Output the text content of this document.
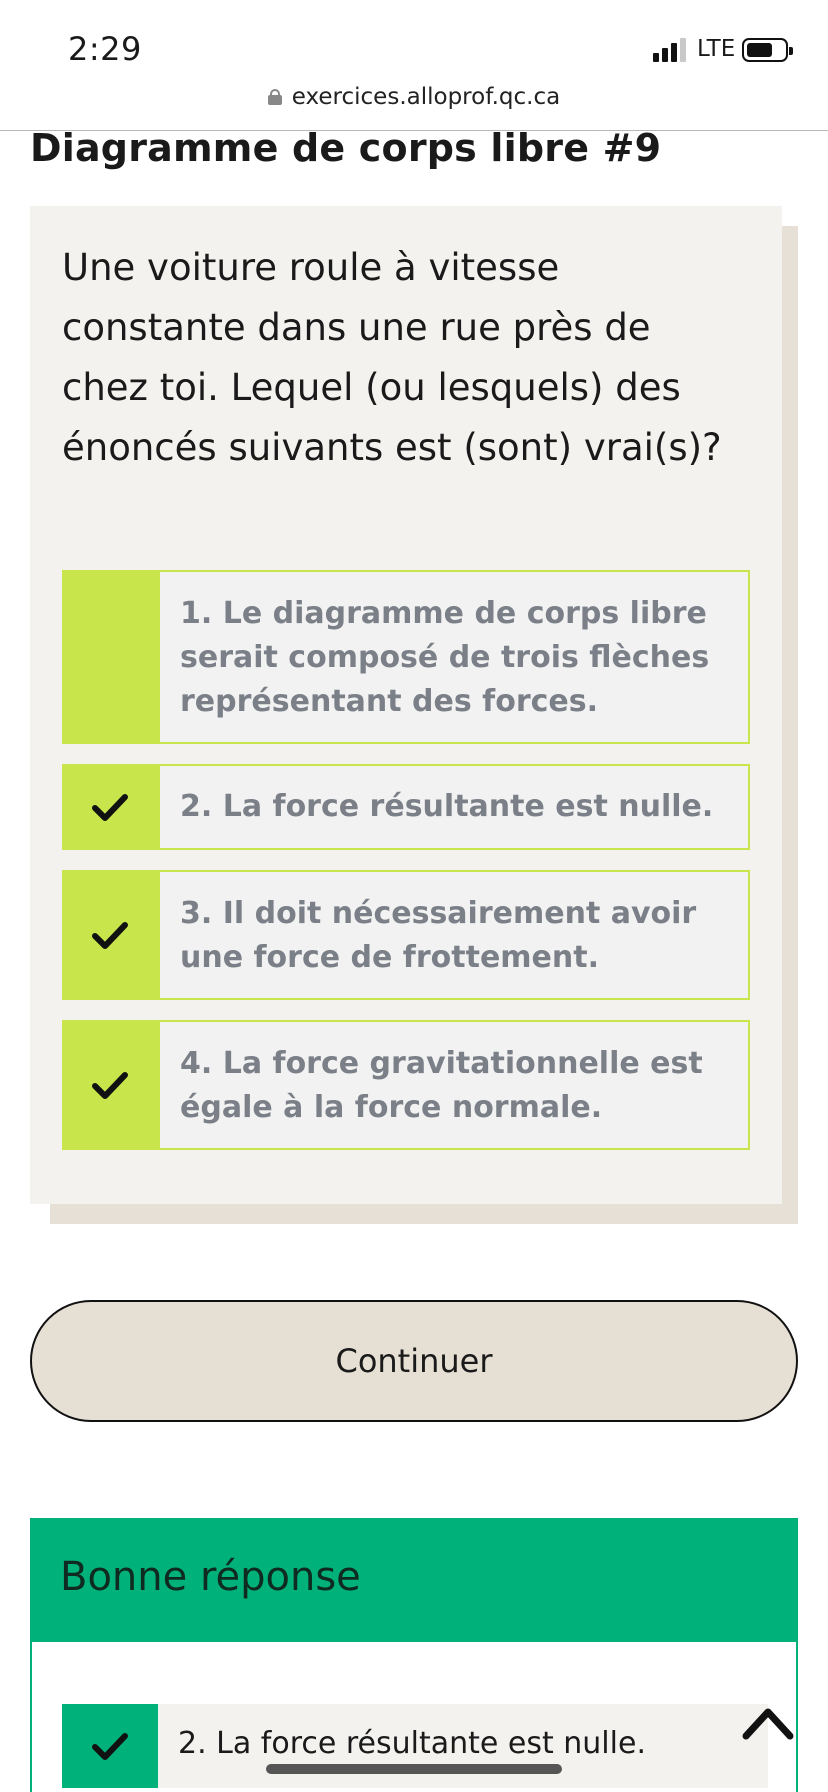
2:29	LTE
exercices.alloprof.qc.ca
Diagramme de corps libre #9
Une voiture roule à vitesse constante dans une rue près de chez toi. Lequel (ou lesquels) des énoncés suivants est (sont) vrai(s)?
1. Le diagramme de corps libre serait composé de trois flèches représentant des forces.
2. La force résultante est nulle.
3. Il doit nécessairement avoir une force de frottement.
4. La force gravitationnelle est égale à la force normale.
Continuer
Bonne réponse
2. La force résultante est nulle.
